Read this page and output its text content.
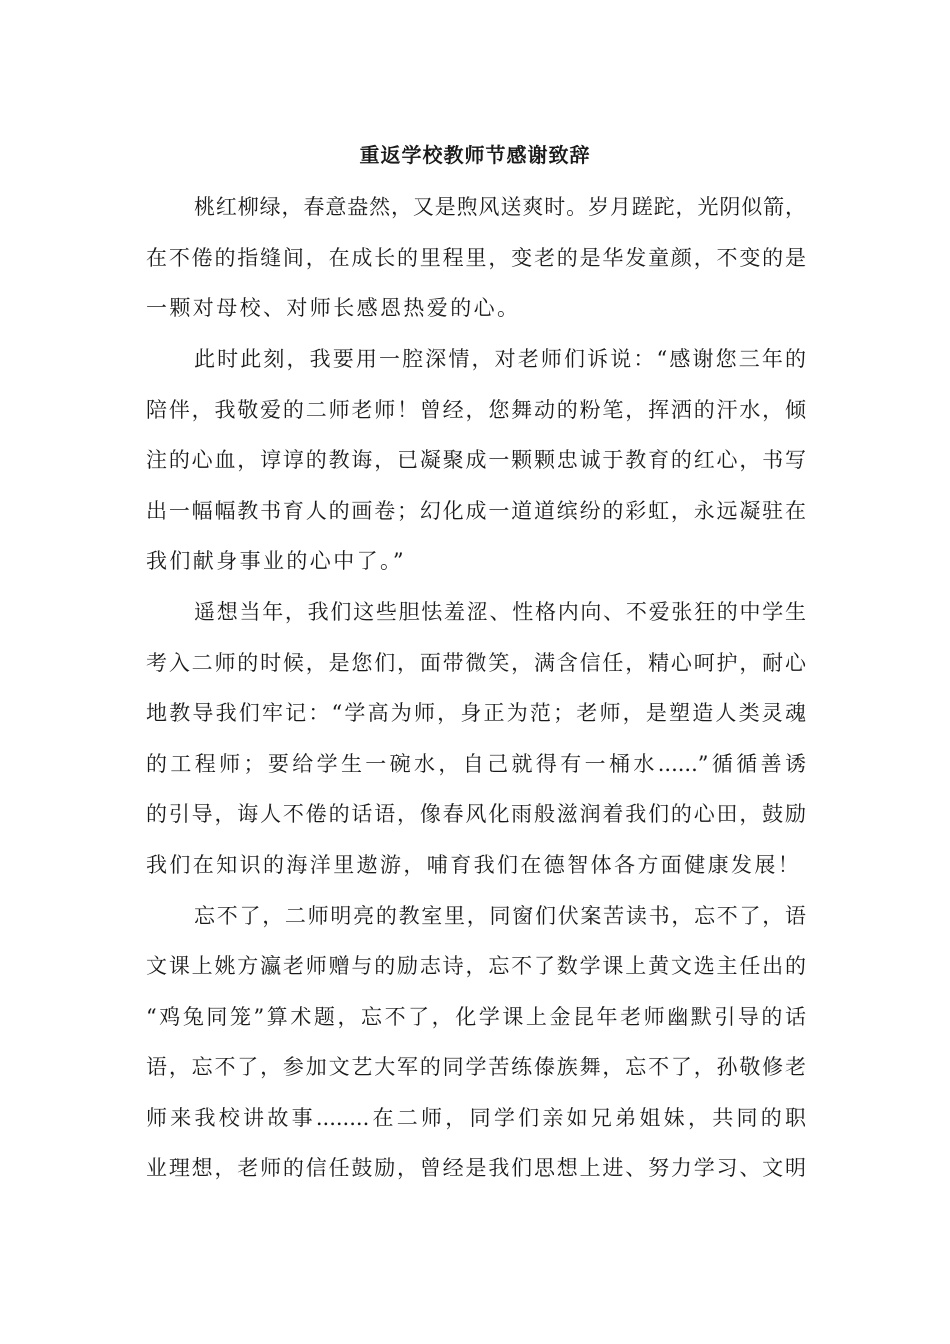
重返学校教师节感谢致辞
桃红柳绿，春意盎然，又是煦风送爽时。岁月蹉跎，光阴似箭，
在不倦的指缝间，在成长的里程里，变老的是华发童颜，不变的是
一颗对母校、对师长感恩热爱的心。
此时此刻，我要用一腔深情，对老师们诉说：“感谢您三年的
陪伴，我敬爱的二师老师！曾经，您舞动的粉笔，挥洒的汗水，倾
注的心血，谆谆的教诲，已凝聚成一颗颗忠诚于教育的红心，书写
出一幅幅教书育人的画卷；幻化成一道道缤纷的彩虹，永远凝驻在
我们献身事业的心中了。”
遥想当年，我们这些胆怯羞涩、性格内向、不爱张狂的中学生
考入二师的时候，是您们，面带微笑，满含信任，精心呵护，耐心
地教导我们牢记：“学高为师，身正为范；老师，是塑造人类灵魂
的工程师；要给学生一碗水，自己就得有一桶水......”循循善诱
的引导，诲人不倦的话语，像春风化雨般滋润着我们的心田，鼓励
我们在知识的海洋里遨游，哺育我们在德智体各方面健康发展！
忘不了，二师明亮的教室里，同窗们伏案苦读书，忘不了，语
文课上姚方瀛老师赠与的励志诗，忘不了数学课上黄文选主任出的
“鸡兔同笼”算术题，忘不了，化学课上金昆年老师幽默引导的话
语，忘不了，参加文艺大军的同学苦练傣族舞，忘不了，孙敬修老
师来我校讲故事........在二师，同学们亲如兄弟姐妹，共同的职
业理想，老师的信任鼓励，曾经是我们思想上进、努力学习、文明
